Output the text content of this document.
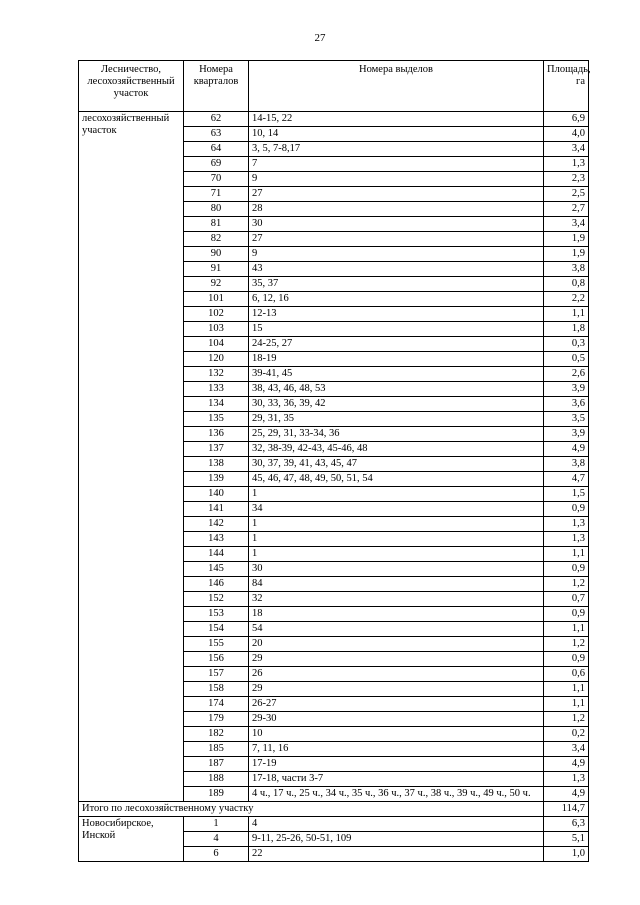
27
Лесничество, лесохозяйственный участок	Номера кварталов	Номера выделов	Площадь, га
лесохозяйственный участок	62	14-15, 22	6,9
	63	10, 14	4,0
	64	3, 5, 7-8,17	3,4
	69	7	1,3
	70	9	2,3
	71	27	2,5
	80	28	2,7
	81	30	3,4
	82	27	1,9
	90	9	1,9
	91	43	3,8
	92	35, 37	0,8
	101	6, 12, 16	2,2
	102	12-13	1,1
	103	15	1,8
	104	24-25, 27	0,3
	120	18-19	0,5
	132	39-41, 45	2,6
	133	38, 43, 46, 48, 53	3,9
	134	30, 33, 36, 39, 42	3,6
	135	29, 31, 35	3,5
	136	25, 29, 31, 33-34, 36	3,9
	137	32, 38-39, 42-43, 45-46, 48	4,9
	138	30, 37, 39, 41, 43, 45, 47	3,8
	139	45, 46, 47, 48, 49, 50, 51, 54	4,7
	140	1	1,5
	141	34	0,9
	142	1	1,3
	143	1	1,3
	144	1	1,1
	145	30	0,9
	146	84	1,2
	152	32	0,7
	153	18	0,9
	154	54	1,1
	155	20	1,2
	156	29	0,9
	157	26	0,6
	158	29	1,1
	174	26-27	1,1
	179	29-30	1,2
	182	10	0,2
	185	7, 11, 16	3,4
	187	17-19	4,9
	188	17-18, части 3-7	1,3
	189	4 ч., 17 ч., 25 ч., 34 ч., 35 ч., 36 ч., 37 ч., 38 ч., 39 ч., 49 ч., 50 ч.	4,9
Итого по лесохозяйственному участку			114,7
Новосибирское, Инской	1	4	6,3
	4	9-11, 25-26, 50-51, 109	5,1
	6	22	1,0
